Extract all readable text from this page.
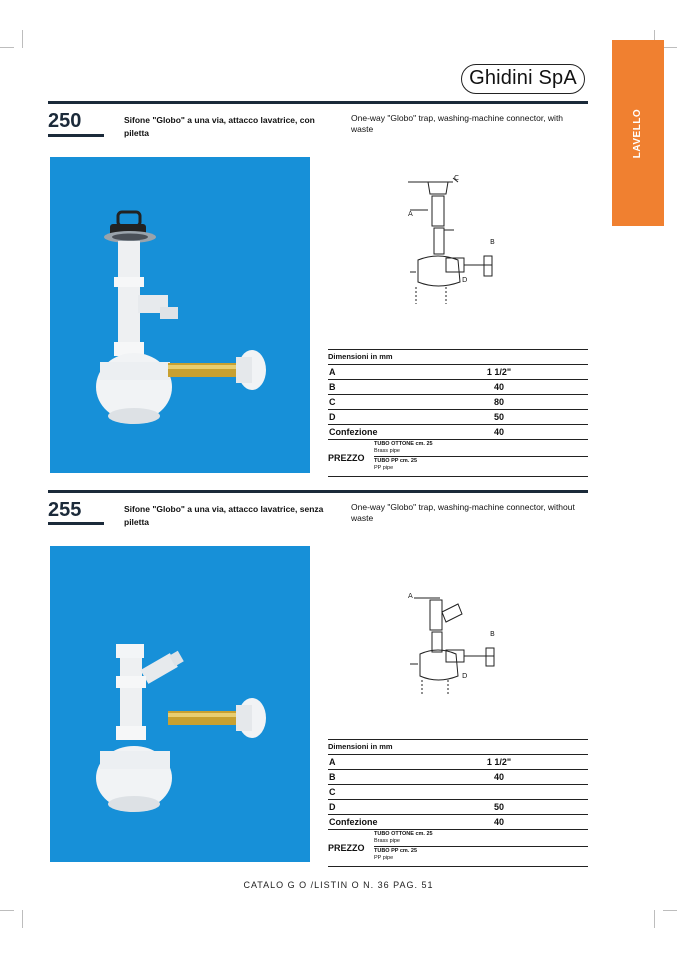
Ghidini SpA
LAVELLO
250	Sifone "Globo" a una via, attacco lavatrice, con piletta
One-way "Globo" trap, washing-machine connector, with waste
A
B
C
D
Dimensioni in mm
A	1 1/2"
B	40
C	80
D	50
Confezione	40
PREZZO
TUBO OTTONE cm. 25
Brass pipe
TUBO PP cm. 25
PP pipe
255	Sifone "Globo" a una via, attacco lavatrice, senza piletta
One-way "Globo" trap, washing-machine connector, without waste
A
B
D
Dimensioni in mm
A	1 1/2"
B	40
C
D	50
Confezione	40
PREZZO
TUBO OTTONE cm. 25
Brass pipe
TUBO PP cm. 25
PP pipe
CATALO G O /LISTIN O N. 36 PAG. 51
